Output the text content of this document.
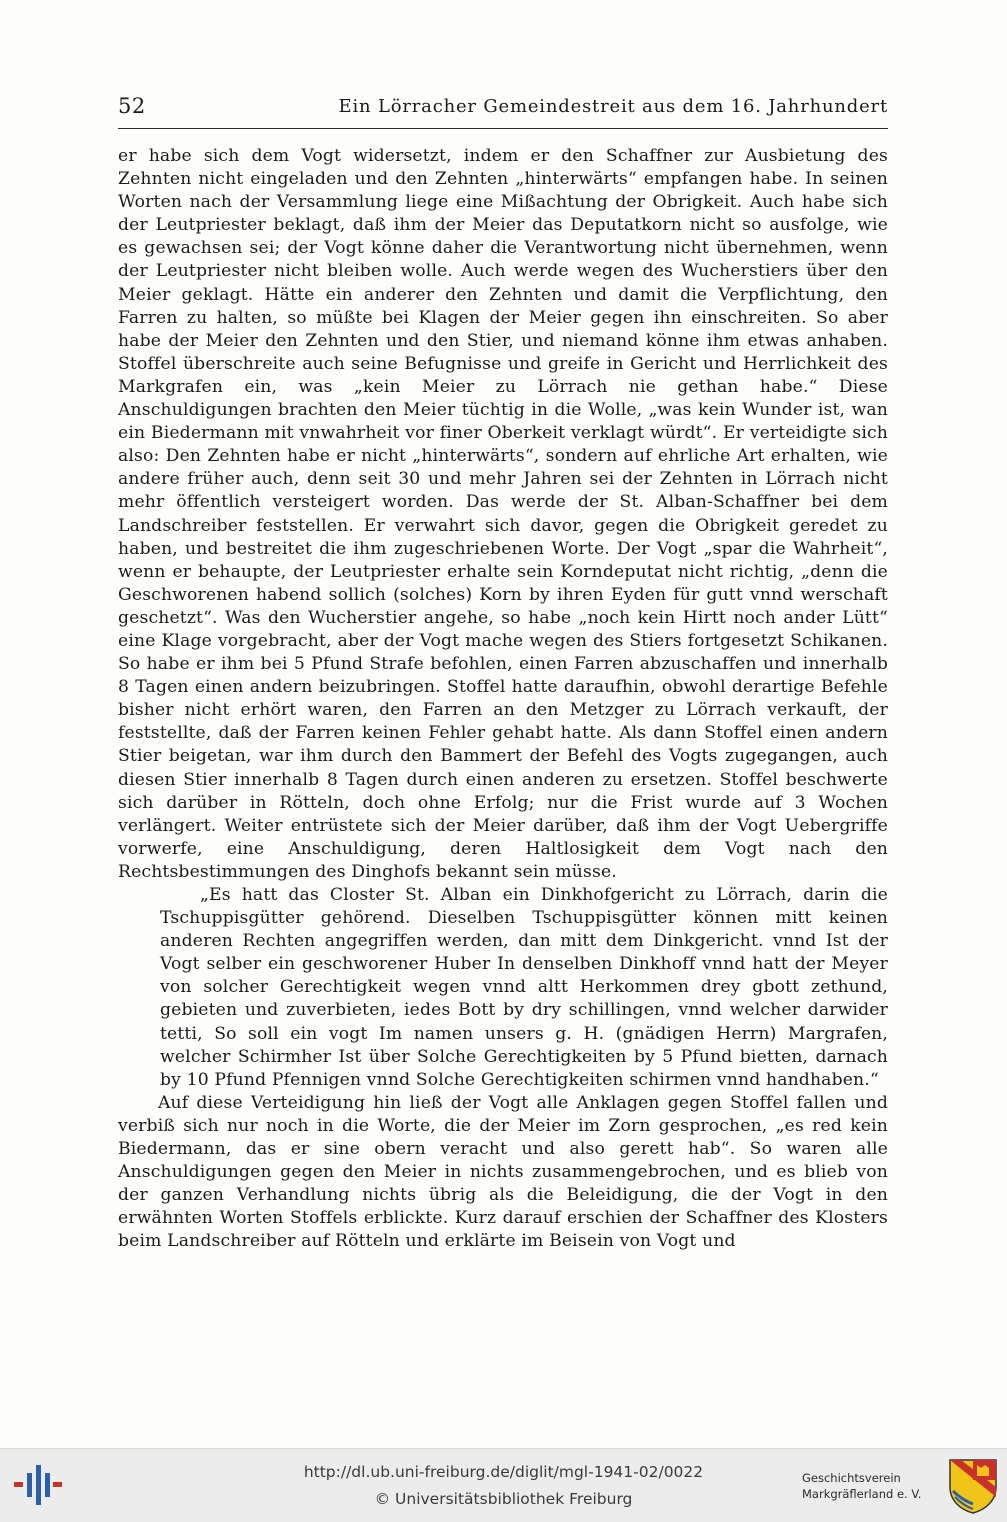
52	Ein Lörracher Gemeindestreit aus dem 16. Jahrhundert

er habe sich dem Vogt widersetzt, indem er den Schaffner zur Ausbietung des Zehnten nicht eingeladen und den Zehnten „hinterwärts“ empfangen habe. In seinen Worten nach der Versammlung liege eine Mißachtung der Obrigkeit. Auch habe sich der Leutpriester beklagt, daß ihm der Meier das Deputatkorn nicht so ausfolge, wie es gewachsen sei; der Vogt könne daher die Verantwortung nicht übernehmen, wenn der Leutpriester nicht bleiben wolle. Auch werde wegen des Wucherstiers über den Meier geklagt. Hätte ein anderer den Zehnten und damit die Verpflichtung, den Farren zu halten, so müßte bei Klagen der Meier gegen ihn einschreiten. So aber habe der Meier den Zehnten und den Stier, und niemand könne ihm etwas anhaben. Stoffel überschreite auch seine Befugnisse und greife in Gericht und Herrlichkeit des Markgrafen ein, was „kein Meier zu Lörrach nie gethan habe.“ Diese Anschuldigungen brachten den Meier tüchtig in die Wolle, „was kein Wunder ist, wan ein Biedermann mit vnwahrheit vor finer Oberkeit verklagt würdt“. Er verteidigte sich also: Den Zehnten habe er nicht „hinterwärts“, sondern auf ehrliche Art erhalten, wie andere früher auch, denn seit 30 und mehr Jahren sei der Zehnten in Lörrach nicht mehr öffentlich versteigert worden. Das werde der St. Alban-Schaffner bei dem Landschreiber feststellen. Er verwahrt sich davor, gegen die Obrigkeit geredet zu haben, und bestreitet die ihm zugeschriebenen Worte. Der Vogt „spar die Wahrheit“, wenn er behaupte, der Leutpriester erhalte sein Korndeputat nicht richtig, „denn die Geschworenen habend sollich (solches) Korn by ihren Eyden für gutt vnnd werschaft geschetzt“. Was den Wucherstier angehe, so habe „noch kein Hirtt noch ander Lütt“ eine Klage vorgebracht, aber der Vogt mache wegen des Stiers fortgesetzt Schikanen. So habe er ihm bei 5 Pfund Strafe befohlen, einen Farren abzuschaffen und innerhalb 8 Tagen einen andern beizubringen. Stoffel hatte daraufhin, obwohl derartige Befehle bisher nicht erhört waren, den Farren an den Metzger zu Lörrach verkauft, der feststellte, daß der Farren keinen Fehler gehabt hatte. Als dann Stoffel einen andern Stier beigetan, war ihm durch den Bammert der Befehl des Vogts zugegangen, auch diesen Stier innerhalb 8 Tagen durch einen anderen zu ersetzen. Stoffel beschwerte sich darüber in Rötteln, doch ohne Erfolg; nur die Frist wurde auf 3 Wochen verlängert. Weiter entrüstete sich der Meier darüber, daß ihm der Vogt Uebergriffe vorwerfe, eine Anschuldigung, deren Haltlosigkeit dem Vogt nach den Rechtsbestimmungen des Dinghofs bekannt sein müsse.

„Es hatt das Closter St. Alban ein Dinkhofgericht zu Lörrach, darin die Tschuppisgütter gehörend. Dieselben Tschuppisgütter können mitt keinen anderen Rechten angegriffen werden, dan mitt dem Dinkgericht. vnnd Ist der Vogt selber ein geschworener Huber In denselben Dinkhoff vnnd hatt der Meyer von solcher Gerechtigkeit wegen vnnd altt Herkommen drey gbott zethund, gebieten und zuverbieten, iedes Bott by dry schillingen, vnnd welcher darwider tetti, So soll ein vogt Im namen unsers g. H. (gnädigen Herrn) Margrafen, welcher Schirmher Ist über Solche Gerechtigkeiten by 5 Pfund bietten, darnach by 10 Pfund Pfennigen vnnd Solche Gerechtigkeiten schirmen vnnd handhaben.“

Auf diese Verteidigung hin ließ der Vogt alle Anklagen gegen Stoffel fallen und verbiß sich nur noch in die Worte, die der Meier im Zorn gesprochen, „es red kein Biedermann, das er sine obern veracht und also gerett hab“. So waren alle Anschuldigungen gegen den Meier in nichts zusammengebrochen, und es blieb von der ganzen Verhandlung nichts übrig als die Beleidigung, die der Vogt in den erwähnten Worten Stoffels erblickte. Kurz darauf erschien der Schaffner des Klosters beim Landschreiber auf Rötteln und erklärte im Beisein von Vogt und

http://dl.ub.uni-freiburg.de/diglit/mgl-1941-02/0022
© Universitätsbibliothek Freiburg
Geschichtsverein
Markgräflerland e. V.
